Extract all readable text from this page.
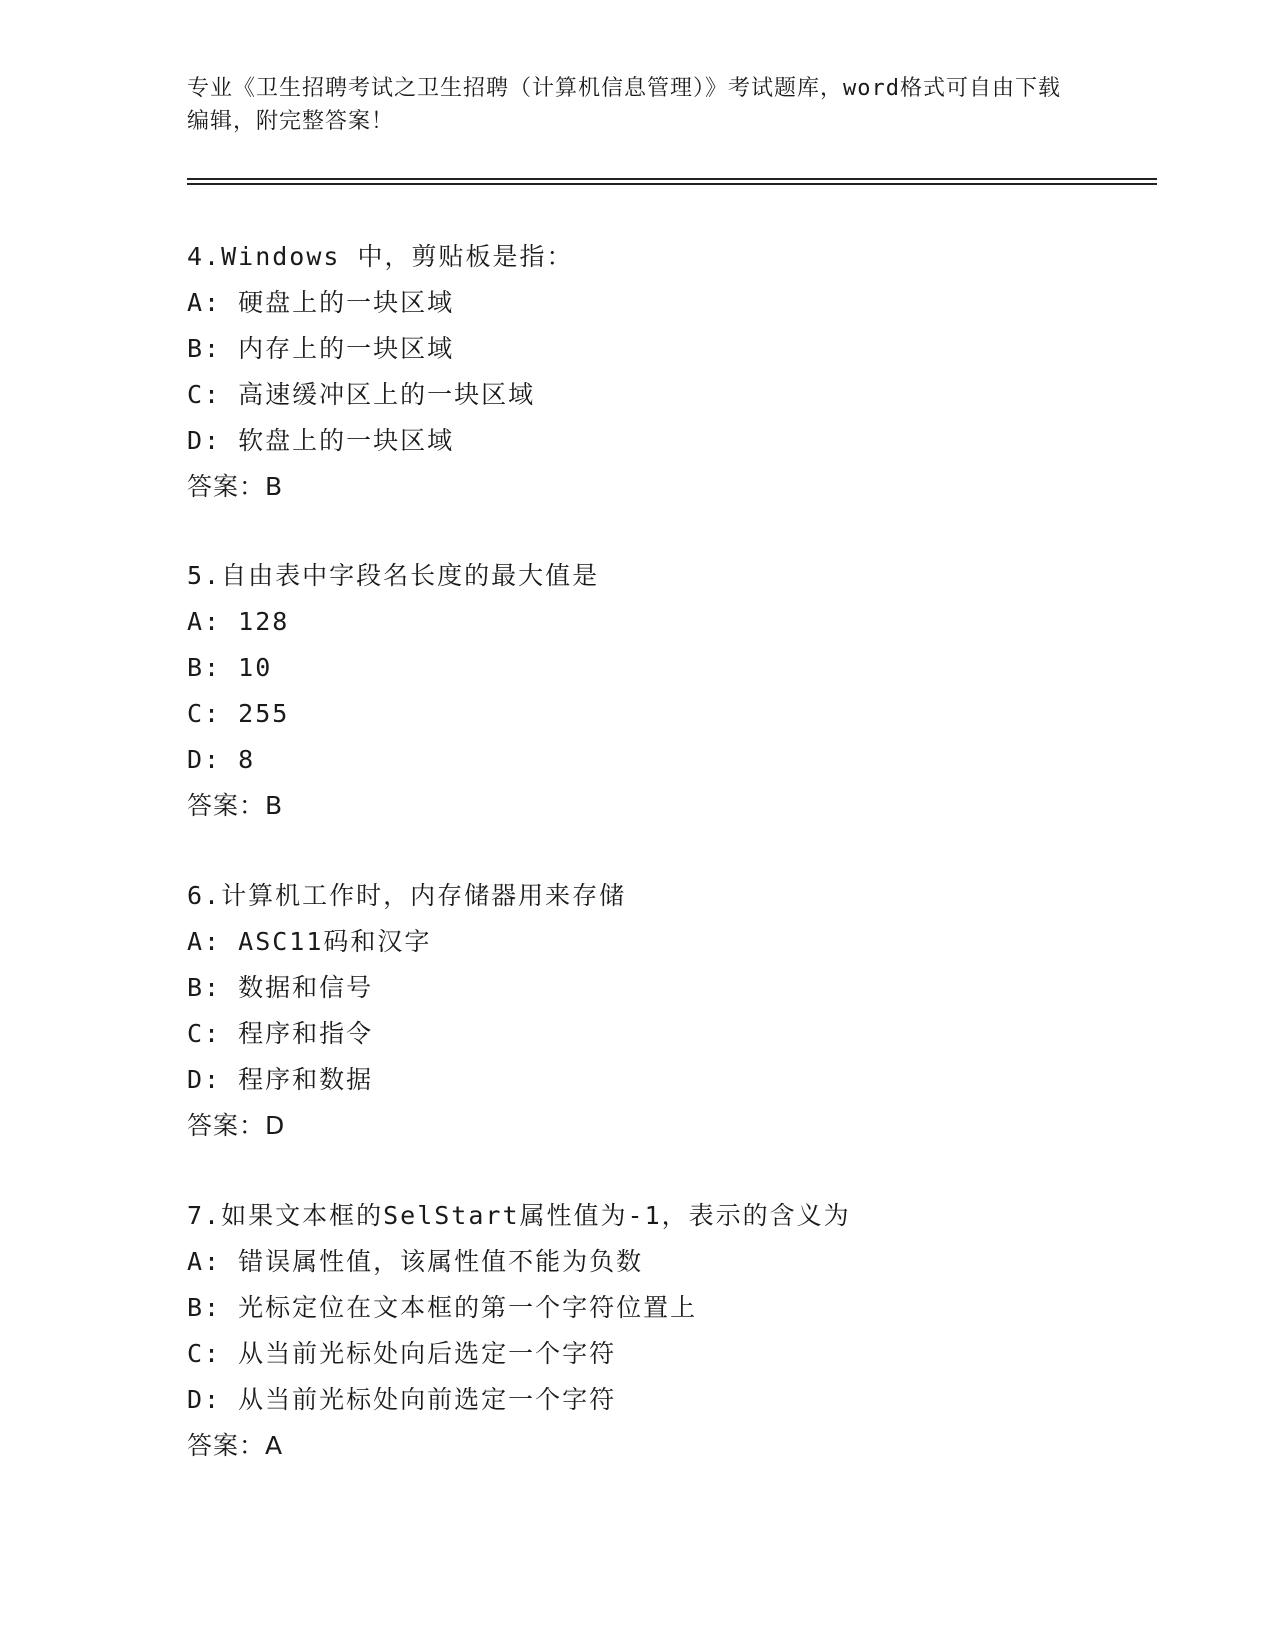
专业《卫生招聘考试之卫生招聘（计算机信息管理）》考试题库，word格式可自由下载编辑，附完整答案！
4.Windows 中，剪贴板是指：
A: 硬盘上的一块区域
B: 内存上的一块区域
C: 高速缓冲区上的一块区域
D: 软盘上的一块区域
答案：B
5.自由表中字段名长度的最大值是
A: 128
B: 10
C: 255
D: 8
答案：B
6.计算机工作时，内存储器用来存储
A: ASC11码和汉字
B: 数据和信号
C: 程序和指令
D: 程序和数据
答案：D
7.如果文本框的SelStart属性值为-1，表示的含义为
A: 错误属性值，该属性值不能为负数
B: 光标定位在文本框的第一个字符位置上
C: 从当前光标处向后选定一个字符
D: 从当前光标处向前选定一个字符
答案：A
